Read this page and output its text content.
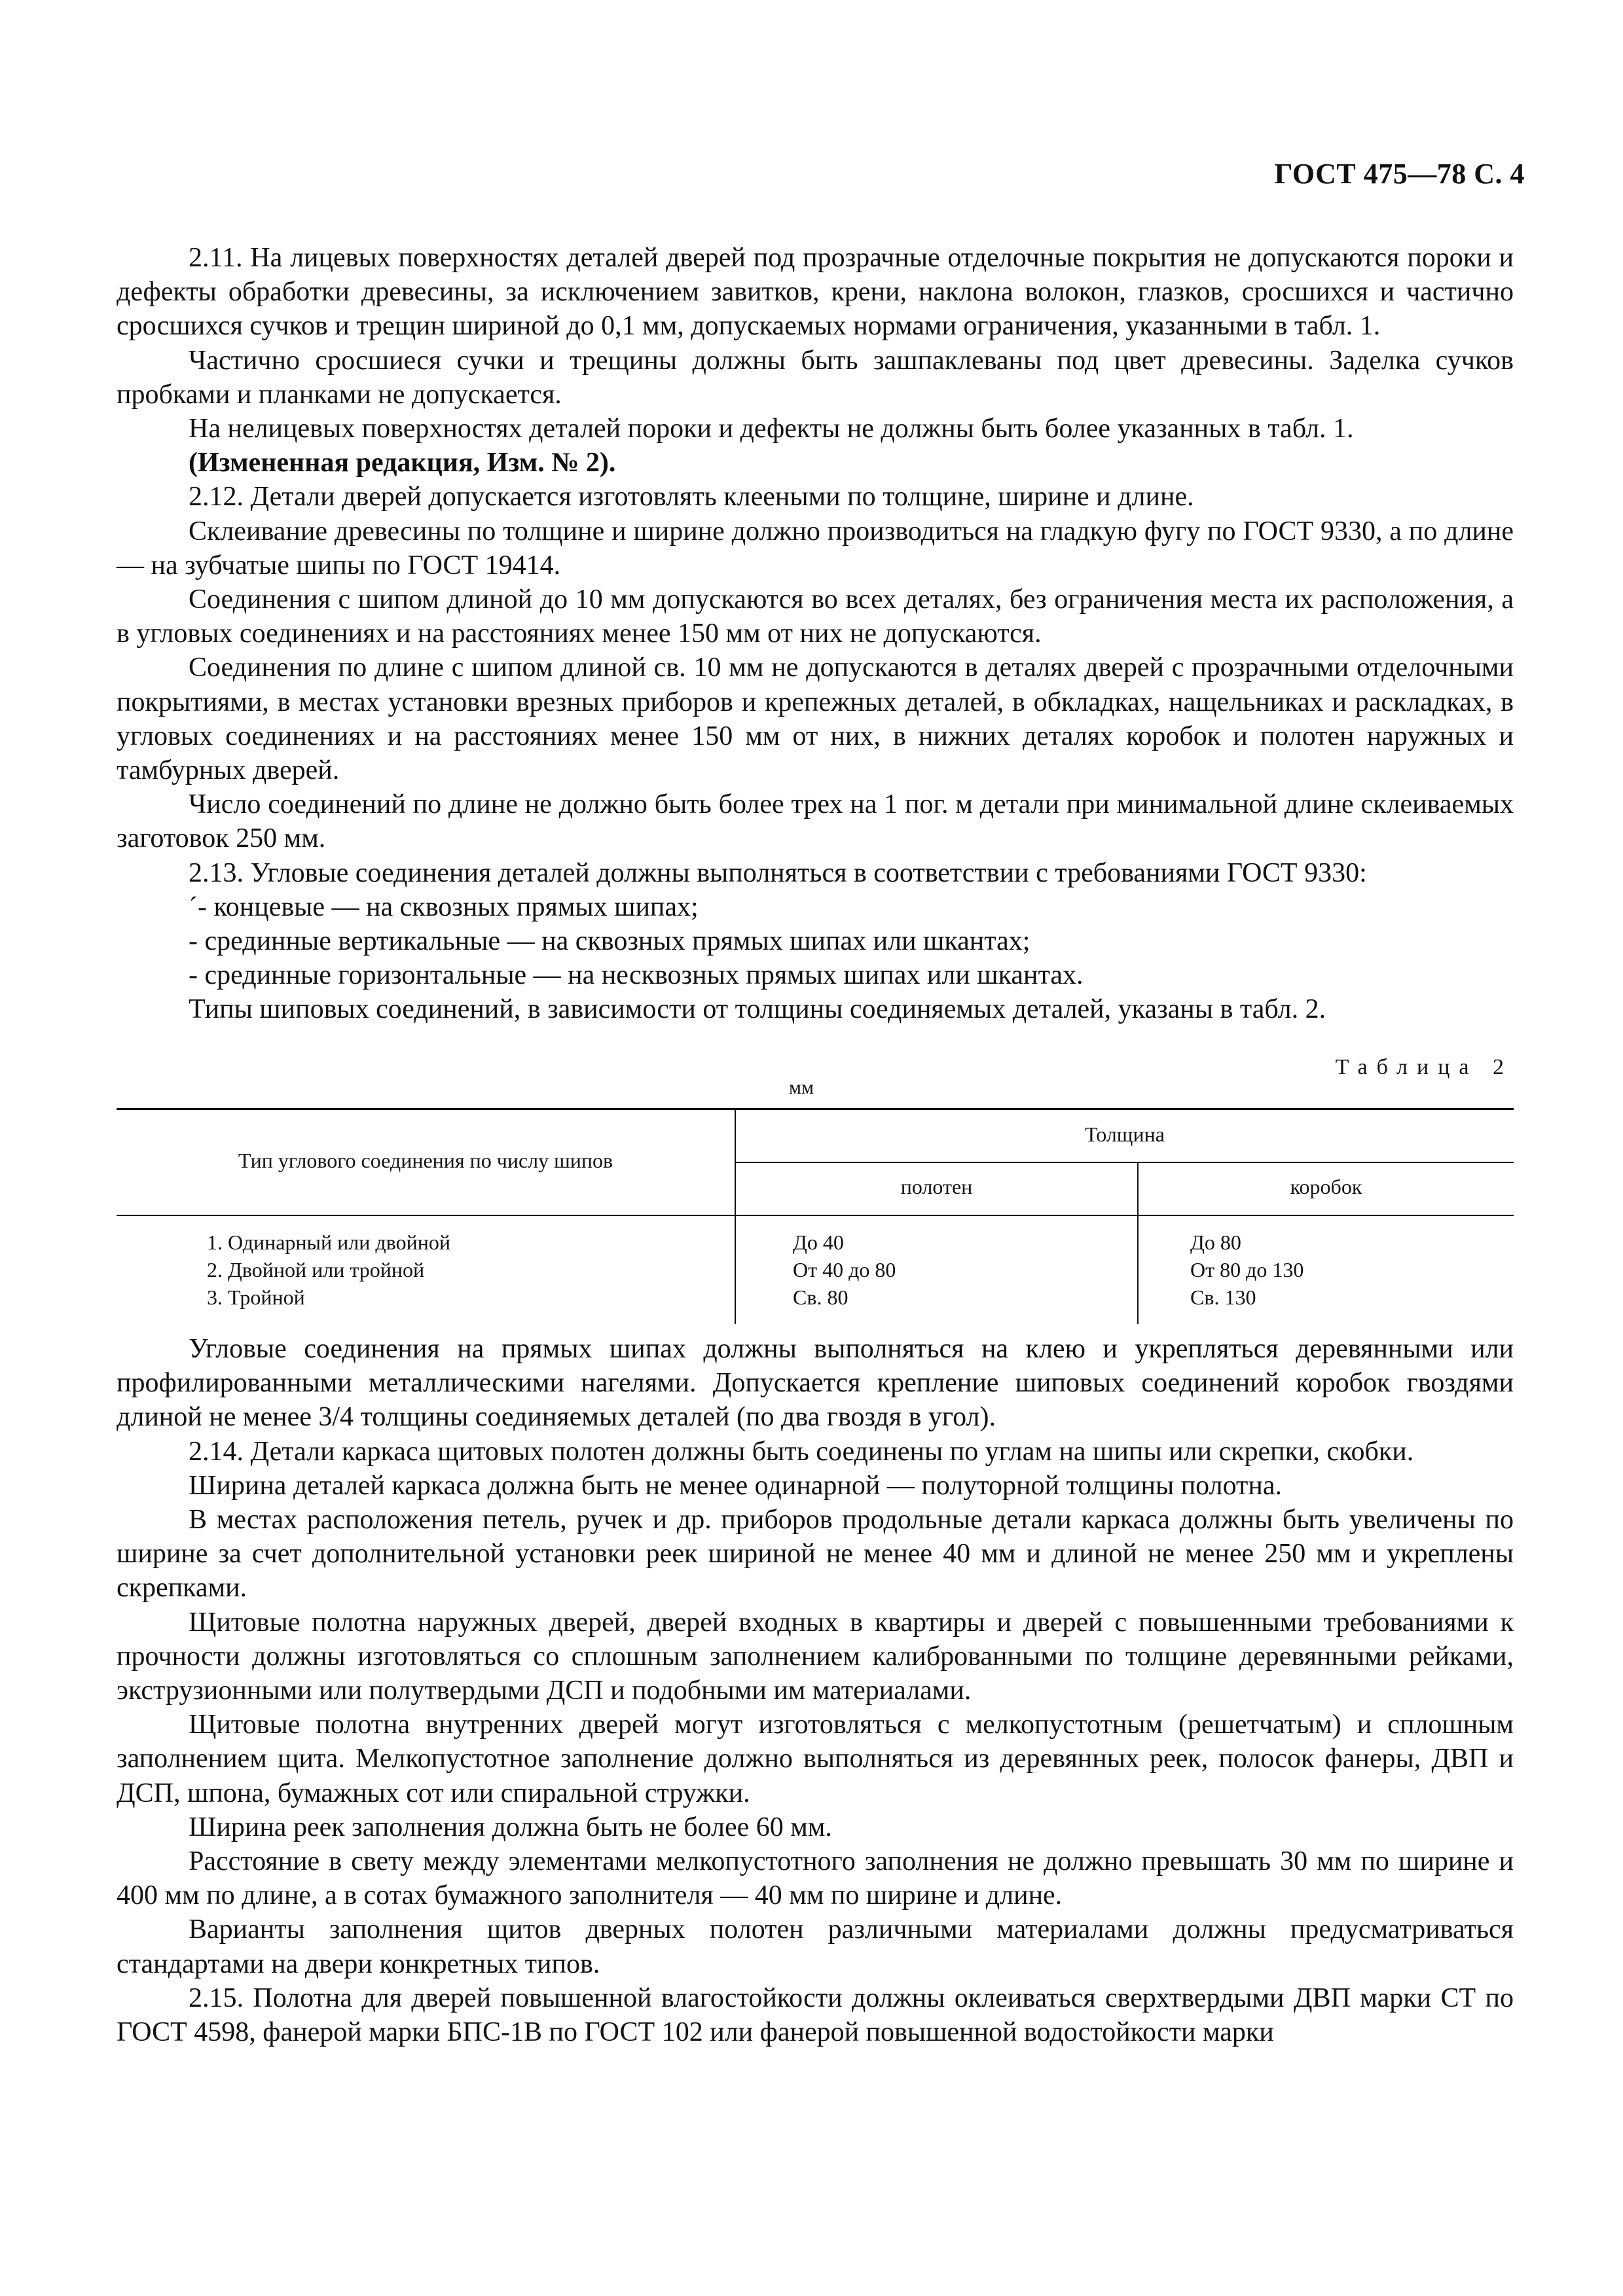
ГОСТ 475—78 С. 4

2.11. На лицевых поверхностях деталей дверей под прозрачные отделочные покрытия не допускаются пороки и дефекты обработки древесины, за исключением завитков, крени, наклона волокон, глазков, сросшихся и частично сросшихся сучков и трещин шириной до 0,1 мм, допускаемых нормами ограничения, указанными в табл. 1.

Частично сросшиеся сучки и трещины должны быть зашпаклеваны под цвет древесины. Заделка сучков пробками и планками не допускается.

На нелицевых поверхностях деталей пороки и дефекты не должны быть более указанных в табл. 1.

(Измененная редакция, Изм. № 2).

2.12. Детали дверей допускается изготовлять клееными по толщине, ширине и длине.

Склеивание древесины по толщине и ширине должно производиться на гладкую фугу по ГОСТ 9330, а по длине — на зубчатые шипы по ГОСТ 19414.

Соединения с шипом длиной до 10 мм допускаются во всех деталях, без ограничения места их расположения, а в угловых соединениях и на расстояниях менее 150 мм от них не допускаются.

Соединения по длине с шипом длиной св. 10 мм не допускаются в деталях дверей с прозрачными отделочными покрытиями, в местах установки врезных приборов и крепежных деталей, в обкладках, нащельниках и раскладках, в угловых соединениях и на расстояниях менее 150 мм от них, в нижних деталях коробок и полотен наружных и тамбурных дверей.

Число соединений по длине не должно быть более трех на 1 пог. м детали при минимальной длине склеиваемых заготовок 250 мм.

2.13. Угловые соединения деталей должны выполняться в соответствии с требованиями ГОСТ 9330:

´- концевые — на сквозных прямых шипах;

- срединные вертикальные — на сквозных прямых шипах или шкантах;

- срединные горизонтальные — на несквозных прямых шипах или шкантах.

Типы шиповых соединений, в зависимости от толщины соединяемых деталей, указаны в табл. 2.

Таблица 2
мм
Тип углового соединения по числу шипов
Толщина
полотен	коробок
1. Одинарный или двойной
2. Двойной или тройной
3. Тройной
До 40
От 40 до 80
Св. 80
До 80
От 80 до 130
Св. 130

Угловые соединения на прямых шипах должны выполняться на клею и укрепляться деревянными или профилированными металлическими нагелями. Допускается крепление шиповых соединений коробок гвоздями длиной не менее 3/4 толщины соединяемых деталей (по два гвоздя в угол).

2.14. Детали каркаса щитовых полотен должны быть соединены по углам на шипы или скрепки, скобки.

Ширина деталей каркаса должна быть не менее одинарной — полуторной толщины полотна.

В местах расположения петель, ручек и др. приборов продольные детали каркаса должны быть увеличены по ширине за счет дополнительной установки реек шириной не менее 40 мм и длиной не менее 250 мм и укреплены скрепками.

Щитовые полотна наружных дверей, дверей входных в квартиры и дверей с повышенными требованиями к прочности должны изготовляться со сплошным заполнением калиброванными по толщине деревянными рейками, экструзионными или полутвердыми ДСП и подобными им материалами.

Щитовые полотна внутренних дверей могут изготовляться с мелкопустотным (решетчатым) и сплошным заполнением щита. Мелкопустотное заполнение должно выполняться из деревянных реек, полосок фанеры, ДВП и ДСП, шпона, бумажных сот или спиральной стружки.

Ширина реек заполнения должна быть не более 60 мм.

Расстояние в свету между элементами мелкопустотного заполнения не должно превышать 30 мм по ширине и 400 мм по длине, а в сотах бумажного заполнителя — 40 мм по ширине и длине.

Варианты заполнения щитов дверных полотен различными материалами должны предусматриваться стандартами на двери конкретных типов.

2.15. Полотна для дверей повышенной влагостойкости должны оклеиваться сверхтвердыми ДВП марки СТ по ГОСТ 4598, фанерой марки БПС-1В по ГОСТ 102 или фанерой повышенной водостойкости марки
